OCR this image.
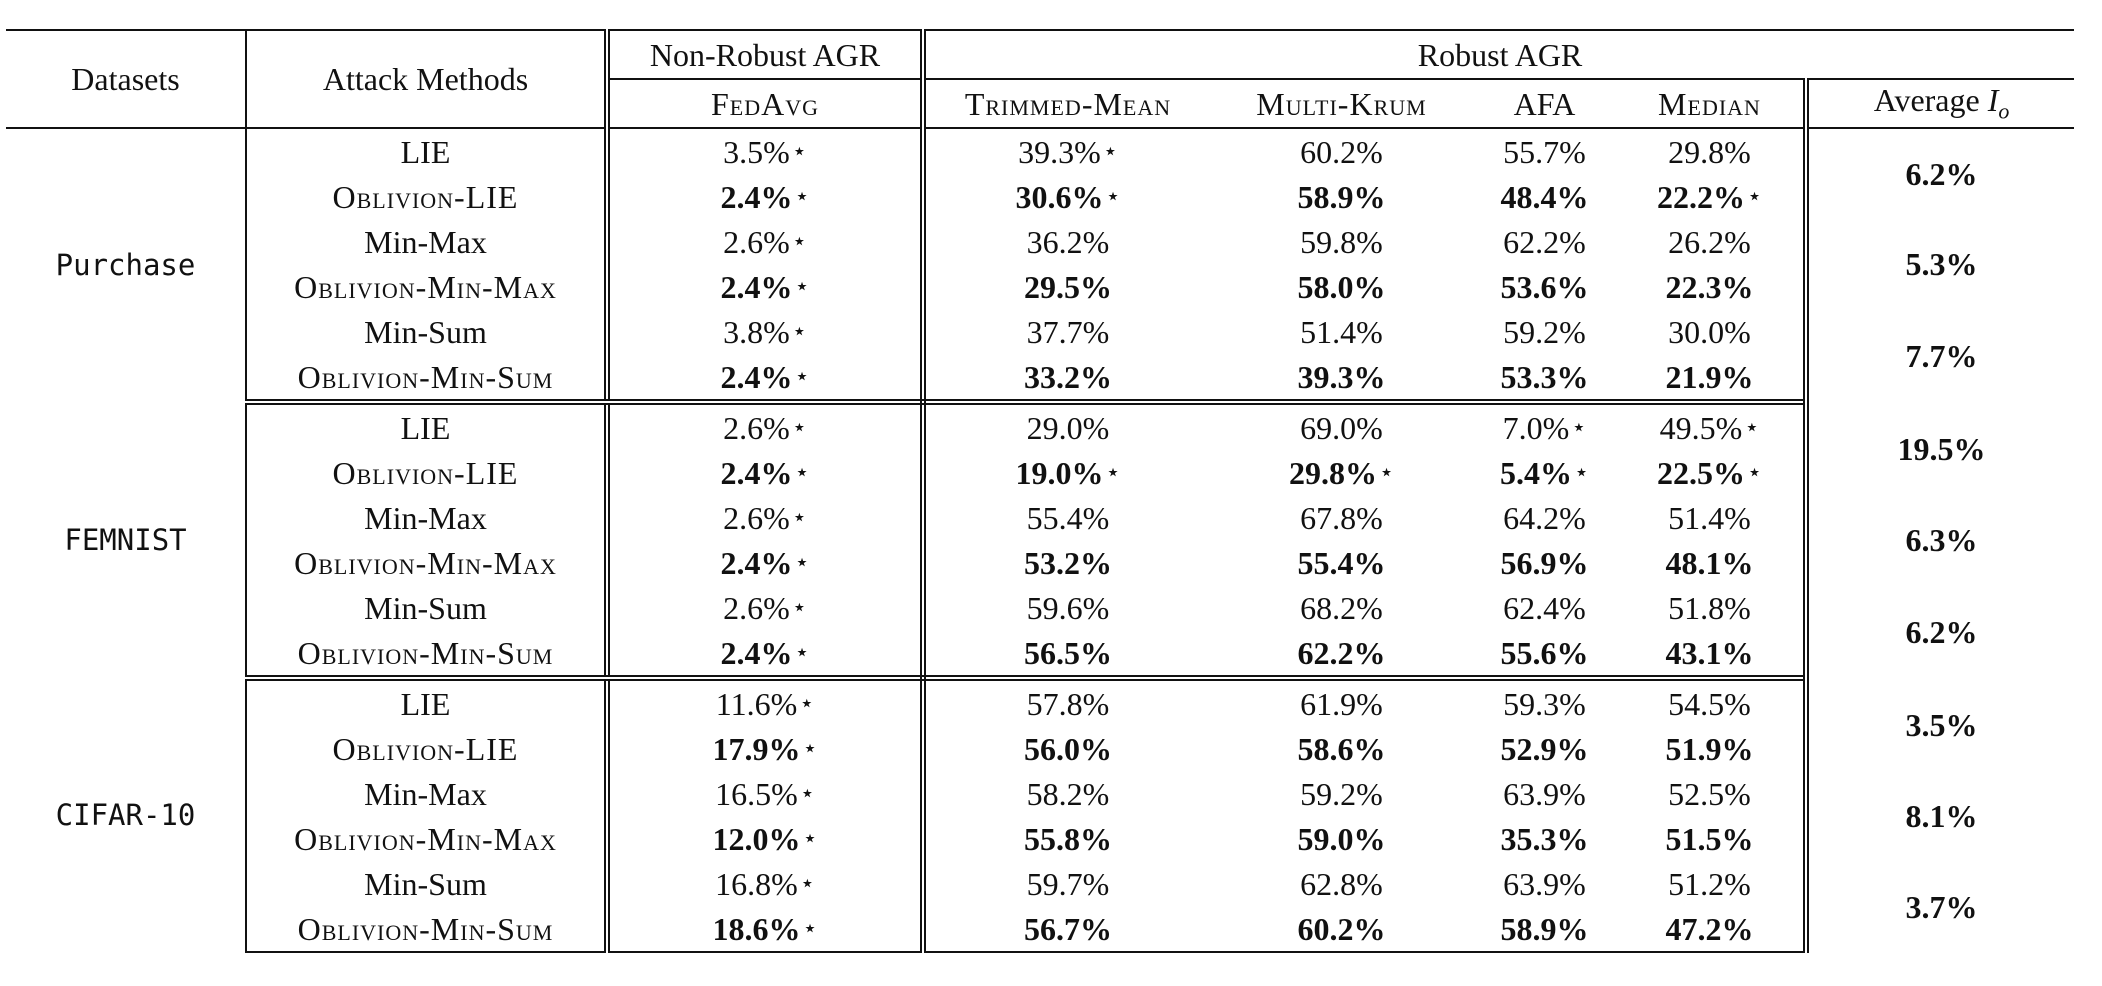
Datasets	Attack Methods	Non-Robust AGR	Robust AGR				
		FedAvg	Trimmed-Mean	Multi-Krum	AFA	Median	Average $I_o$
Purchase	LIE	3.5%⋆	39.3%⋆	60.2%	55.7%	29.8%	6.2%
	Oblivion-LIE	2.4%⋆	30.6%⋆	58.9%	48.4%	22.2%⋆	
	Min-Max	2.6%⋆	36.2%	59.8%	62.2%	26.2%	5.3%
	Oblivion-Min-Max	2.4%⋆	29.5%	58.0%	53.6%	22.3%	
	Min-Sum	3.8%⋆	37.7%	51.4%	59.2%	30.0%	7.7%
	Oblivion-Min-Sum	2.4%⋆	33.2%	39.3%	53.3%	21.9%	
FEMNIST	LIE	2.6%⋆	29.0%	69.0%	7.0%⋆	49.5%⋆	19.5%
	Oblivion-LIE	2.4%⋆	19.0%⋆	29.8%⋆	5.4%⋆	22.5%⋆	
	Min-Max	2.6%⋆	55.4%	67.8%	64.2%	51.4%	6.3%
	Oblivion-Min-Max	2.4%⋆	53.2%	55.4%	56.9%	48.1%	
	Min-Sum	2.6%⋆	59.6%	68.2%	62.4%	51.8%	6.2%
	Oblivion-Min-Sum	2.4%⋆	56.5%	62.2%	55.6%	43.1%	
CIFAR-10	LIE	11.6%⋆	57.8%	61.9%	59.3%	54.5%	3.5%
	Oblivion-LIE	17.9%⋆	56.0%	58.6%	52.9%	51.9%	
	Min-Max	16.5%⋆	58.2%	59.2%	63.9%	52.5%	8.1%
	Oblivion-Min-Max	12.0%⋆	55.8%	59.0%	35.3%	51.5%	
	Min-Sum	16.8%⋆	59.7%	62.8%	63.9%	51.2%	3.7%
	Oblivion-Min-Sum	18.6%⋆	56.7%	60.2%	58.9%	47.2%	
